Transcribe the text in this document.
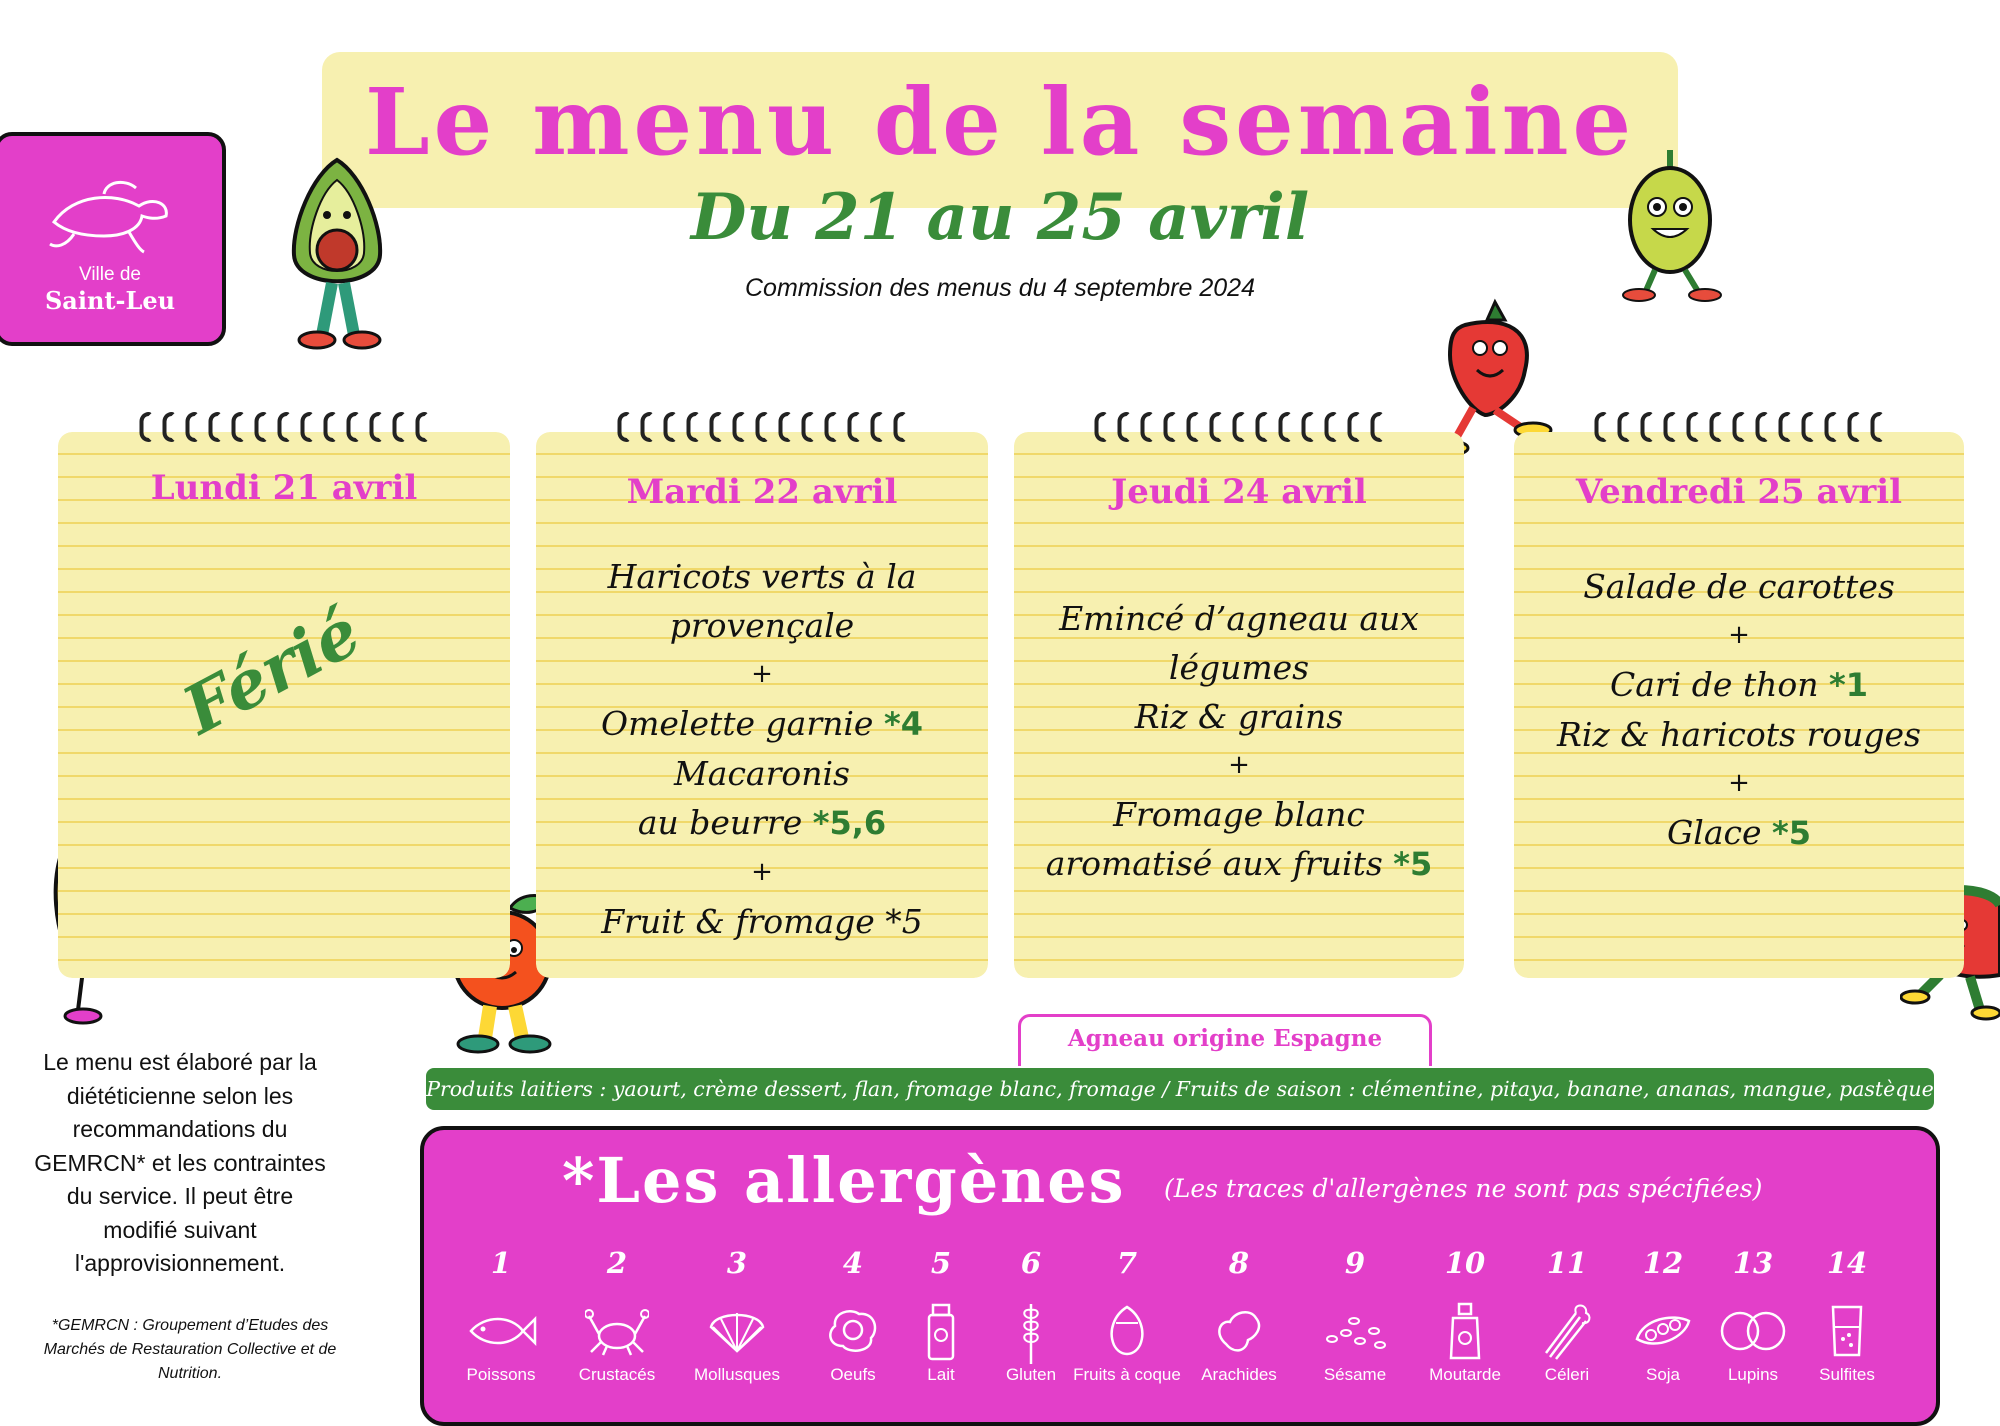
Le menu de la semaine
Du 21 au 25 avril
Commission des menus du 4 septembre 2024
Ville de
Saint-Leu
Lundi 21 avril
Férié
Mardi 22 avril
Haricots verts à la
provençale
+
Omelette garnie *4
Macaronis
au beurre *5,6
+
Fruit & fromage *5
Jeudi 24 avril
Emincé d’agneau aux
légumes
Riz & grains
+
Fromage blanc
aromatisé aux fruits *5
Vendredi 25 avril
Salade de carottes
+
Cari de thon *1
Riz & haricots rouges
+
Glace *5
Le menu est élaboré par la
diététicienne selon les
recommandations du
GEMRCN* et les contraintes
du service. Il peut être
modifié suivant
l'approvisionnement.
*GEMRCN : Groupement d’Etudes des
Marchés de Restauration Collective et de
Nutrition.
Agneau origine Espagne
Produits laitiers : yaourt, crème dessert, flan, fromage blanc, fromage / Fruits de saison : clémentine, pitaya, banane, ananas, mangue, pastèque
*Les allergènes (Les traces d'allergènes ne sont pas spécifiées)
1
Poissons
2
Crustacés
3
Mollusques
4
Oeufs
5
Lait
6
Gluten
7
Fruits à coque
8
Arachides
9
Sésame
10
Moutarde
11
Céleri
12
Soja
13
Lupins
14
Sulfites
